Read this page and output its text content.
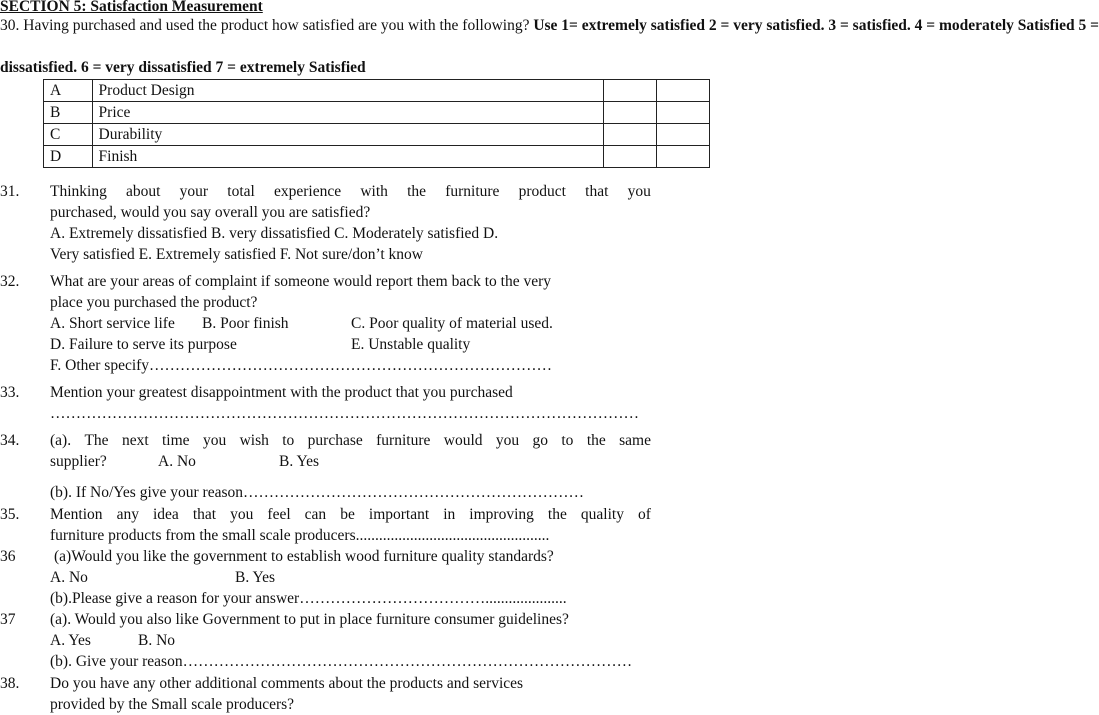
SECTION 5: Satisfaction Measurement
30. Having purchased and used the product how satisfied are you with the following? Use 1= extremely satisfied 2 = very satisfied. 3 = satisfied. 4 = moderately Satisfied 5 =
dissatisfied. 6 = very dissatisfied 7 = extremely Satisfied
A	Product Design		
B	Price		
C	Durability		
D	Finish		
31. Thinking about your total experience with the furniture product that you
purchased, would you say overall you are satisfied?
A. Extremely dissatisfied B. very dissatisfied C. Moderately satisfied D.
Very satisfied E. Extremely satisfied F. Not sure/don’t know
32. What are your areas of complaint if someone would report them back to the very
place you purchased the product?
A. Short service life B. Poor finish	C. Poor quality of material used.
D. Failure to serve its purpose	E. Unstable quality
F. Other specify……………………………………………………………………
33. Mention your greatest disappointment with the product that you purchased
……………………………………………………………………………………………………
34. (a). The next time you wish to purchase furniture would you go to the same
supplier?	A. No	B. Yes
(b). If No/Yes give your reason…………………………………………………………
35. Mention any idea that you feel can be important in improving the quality of
furniture products from the small scale producers..................................................
36 (a)Would you like the government to establish wood furniture quality standards?
A. No	B. Yes
(b).Please give a reason for your answer……………………………….....................
37 (a). Would you also like Government to put in place furniture consumer guidelines?
A. Yes	B. No
(b). Give your reason……………………………………………………………………………
38. Do you have any other additional comments about the products and services
provided by the Small scale producers?
